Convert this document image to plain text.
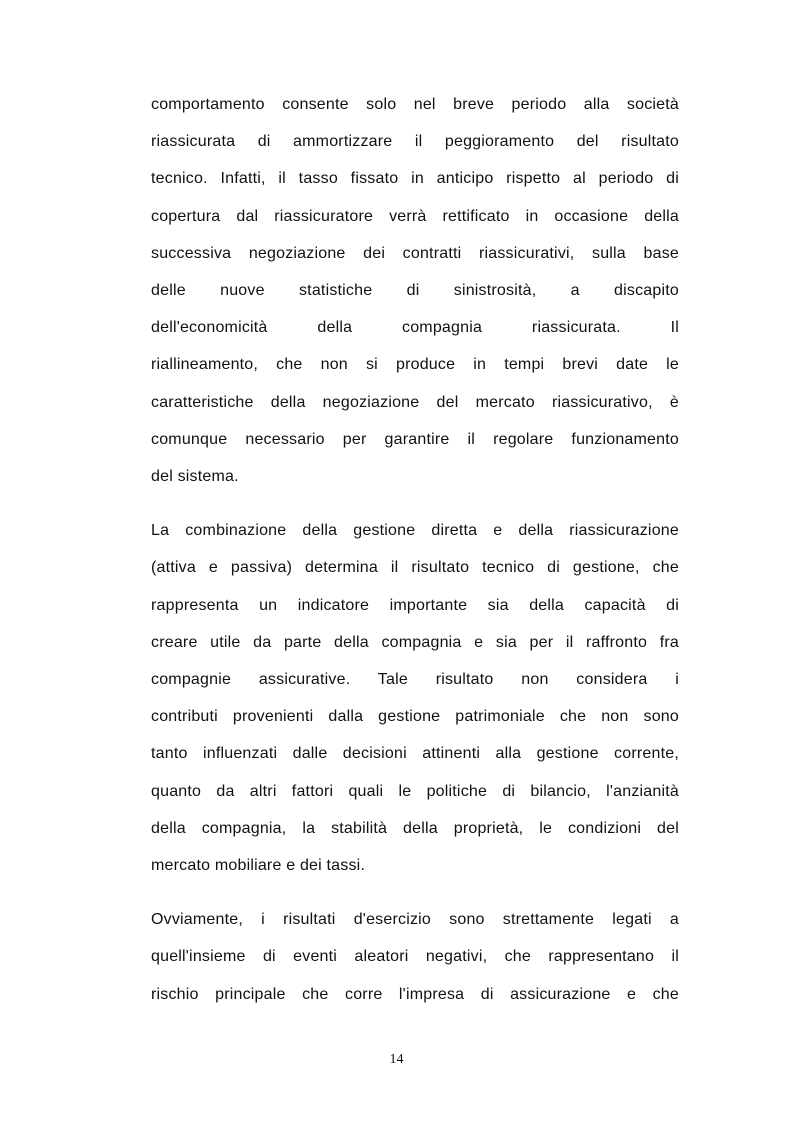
comportamento consente solo nel breve periodo alla società
riassicurata di ammortizzare il peggioramento del risultato
tecnico. Infatti, il tasso fissato in anticipo rispetto al periodo di
copertura dal riassicuratore verrà rettificato in occasione della
successiva negoziazione dei contratti riassicurativi, sulla base
delle nuove statistiche di sinistrosità, a discapito
dell'economicità della compagnia riassicurata. Il
riallineamento, che non si produce in tempi brevi date le
caratteristiche della negoziazione del mercato riassicurativo, è
comunque necessario per garantire il regolare funzionamento
del sistema.
La combinazione della gestione diretta e della riassicurazione
(attiva e passiva) determina il risultato tecnico di gestione, che
rappresenta un indicatore importante sia della capacità di
creare utile da parte della compagnia e sia per il raffronto fra
compagnie assicurative. Tale risultato non considera i
contributi provenienti dalla gestione patrimoniale che non sono
tanto influenzati dalle decisioni attinenti alla gestione corrente,
quanto da altri fattori quali le politiche di bilancio, l'anzianità
della compagnia, la stabilità della proprietà, le condizioni del
mercato mobiliare e dei tassi.
Ovviamente, i risultati d'esercizio sono strettamente legati a
quell'insieme di eventi aleatori negativi, che rappresentano il
rischio principale che corre l'impresa di assicurazione e che
14
